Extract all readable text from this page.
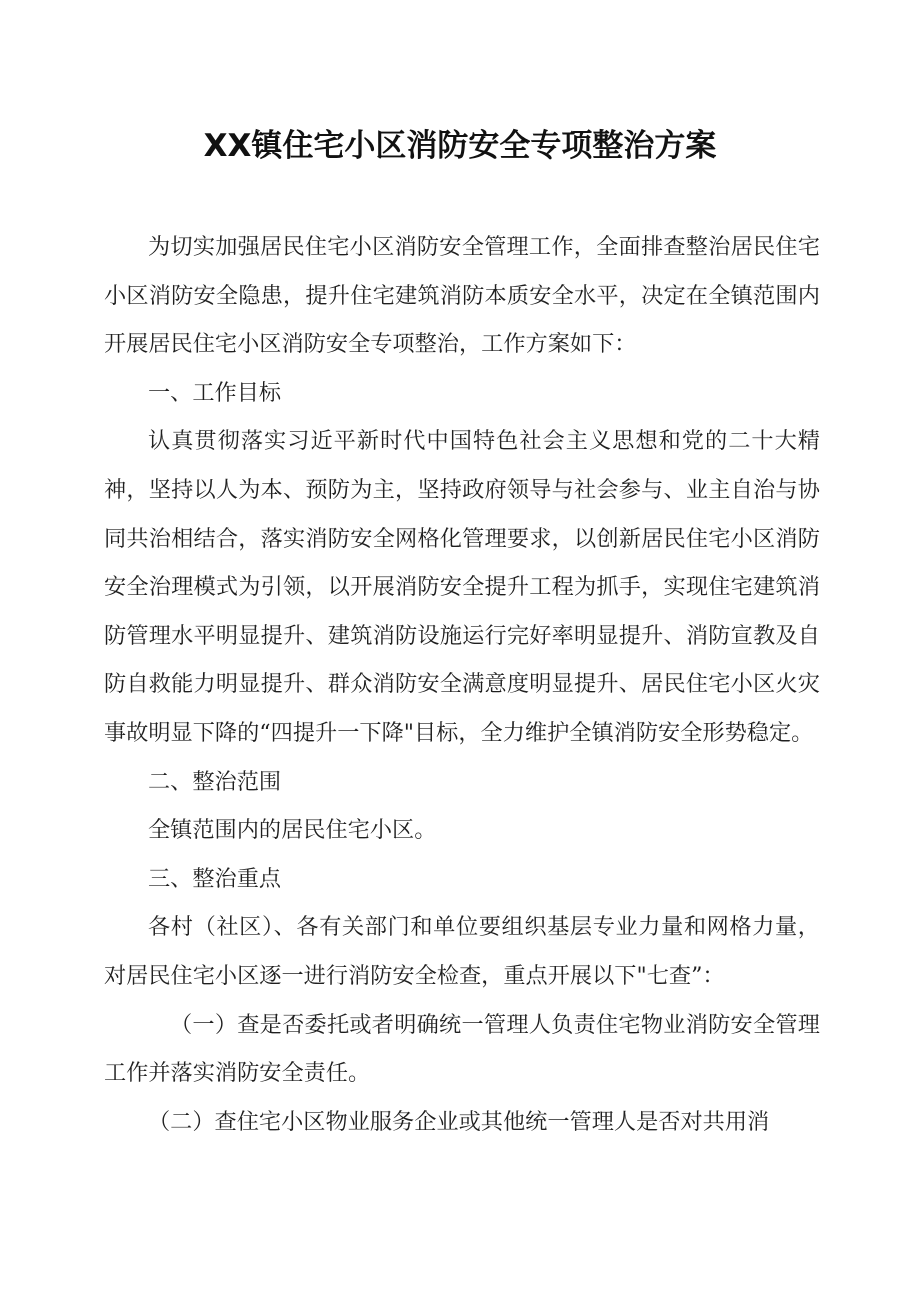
XX镇住宅小区消防安全专项整治方案

为切实加强居民住宅小区消防安全管理工作，全面排查整治居民住宅小区消防安全隐患，提升住宅建筑消防本质安全水平，决定在全镇范围内开展居民住宅小区消防安全专项整治，工作方案如下：

一、工作目标

认真贯彻落实习近平新时代中国特色社会主义思想和党的二十大精神，坚持以人为本、预防为主，坚持政府领导与社会参与、业主自治与协同共治相结合，落实消防安全网格化管理要求，以创新居民住宅小区消防安全治理模式为引领，以开展消防安全提升工程为抓手，实现住宅建筑消防管理水平明显提升、建筑消防设施运行完好率明显提升、消防宣教及自防自救能力明显提升、群众消防安全满意度明显提升、居民住宅小区火灾事故明显下降的“四提升一下降"目标，全力维护全镇消防安全形势稳定。

二、整治范围

全镇范围内的居民住宅小区。

三、整治重点

各村（社区）、各有关部门和单位要组织基层专业力量和网格力量，对居民住宅小区逐一进行消防安全检查，重点开展以下"七查”：

（一）查是否委托或者明确统一管理人负责住宅物业消防安全管理工作并落实消防安全责任。

（二）查住宅小区物业服务企业或其他统一管理人是否对共用消
